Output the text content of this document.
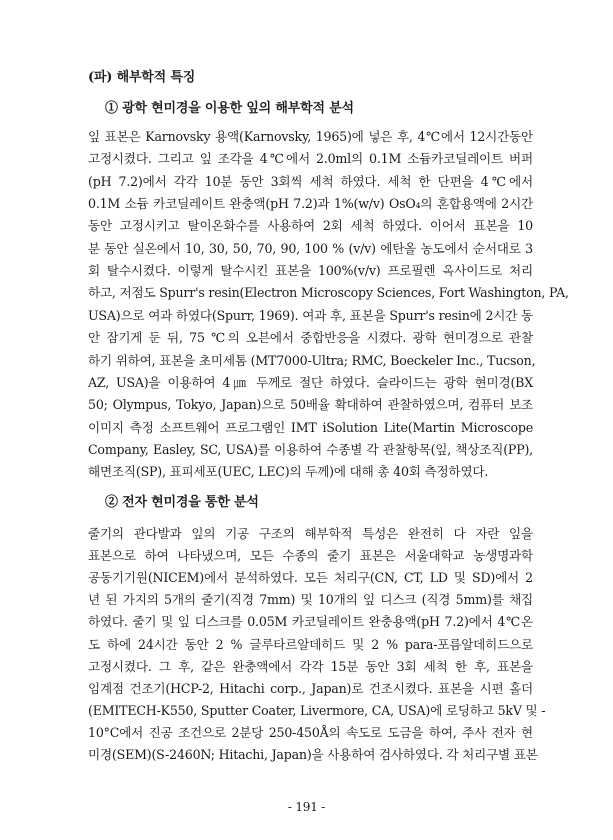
(파) 해부학적 특징
① 광학 현미경을 이용한 잎의 해부학적 분석
잎 표본은 Karnovsky 용액(Karnovsky, 1965)에 넣은 후, 4℃에서 12시간동안
고정시켰다. 그리고 잎 조각을 4℃에서 2.0ml의 0.1M 소듐카코딜레이트 버퍼
(pH 7.2)에서 각각 10분 동안 3회씩 세척 하였다. 세척 한 단편을 4℃에서
0.1M 소듐 카코딜레이트 완충액(pH 7.2)과 1%(w/v) OsO₄의 혼합용액에 2시간
동안 고정시키고 탈이온화수를 사용하여 2회 세척 하였다. 이어서 표본을 10
분 동안 실온에서 10, 30, 50, 70, 90, 100 % (v/v) 에탄올 농도에서 순서대로 3
회 탈수시켰다. 이렇게 탈수시킨 표본을 100%(v/v) 프로필렌 옥사이드로 처리
하고, 저점도 Spurr's resin(Electron Microscopy Sciences, Fort Washington, PA,
USA)으로 여과 하였다(Spurr, 1969). 여과 후, 표본을 Spurr's resin에 2시간 동
안 잠기게 둔 뒤, 75 ℃의 오븐에서 중합반응을 시켰다. 광학 현미경으로 관찰
하기 위하여, 표본을 초미세톰 (MT7000-Ultra; RMC, Boeckeler Inc., Tucson,
AZ, USA)을 이용하여 4㎛ 두께로 절단 하였다. 슬라이드는 광학 현미경(BX
50; Olympus, Tokyo, Japan)으로 50배율 확대하여 관찰하였으며, 컴퓨터 보조
이미지 측정 소프트웨어 프로그램인 IMT iSolution Lite(Martin Microscope
Company, Easley, SC, USA)를 이용하여 수종별 각 관찰항목(잎, 책상조직(PP),
해면조직(SP), 표피세포(UEC, LEC)의 두께)에 대해 총 40회 측정하였다.
② 전자 현미경을 통한 분석
줄기의 관다발과 잎의 기공 구조의 해부학적 특성은 완전히 다 자란 잎을
표본으로 하여 나타냈으며, 모든 수종의 줄기 표본은 서울대학교 농생명과학
공동기기원(NICEM)에서 분석하였다. 모든 처리구(CN, CT, LD 및 SD)에서 2
년 된 가지의 5개의 줄기(직경 7mm) 및 10개의 잎 디스크 (직경 5mm)를 채집
하였다. 줄기 및 잎 디스크를 0.05M 카코딜레이트 완충용액(pH 7.2)에서 4℃온
도 하에 24시간 동안 2 % 글루타르알데히드 및 2 % para-포름알데히드으로
고정시켰다. 그 후, 같은 완충액에서 각각 15분 동안 3회 세척 한 후, 표본을
임계점 건조기(HCP-2, Hitachi corp., Japan)로 건조시켰다. 표본을 시편 홀더
(EMITECH-K550, Sputter Coater, Livermore, CA, USA)에 로딩하고 5kV 및 -
10°C에서 진공 조건으로 2분당 250-450Å의 속도로 도금을 하여, 주사 전자 현
미경(SEM)(S-2460N; Hitachi, Japan)을 사용하여 검사하였다. 각 처리구별 표본
- 191 -
